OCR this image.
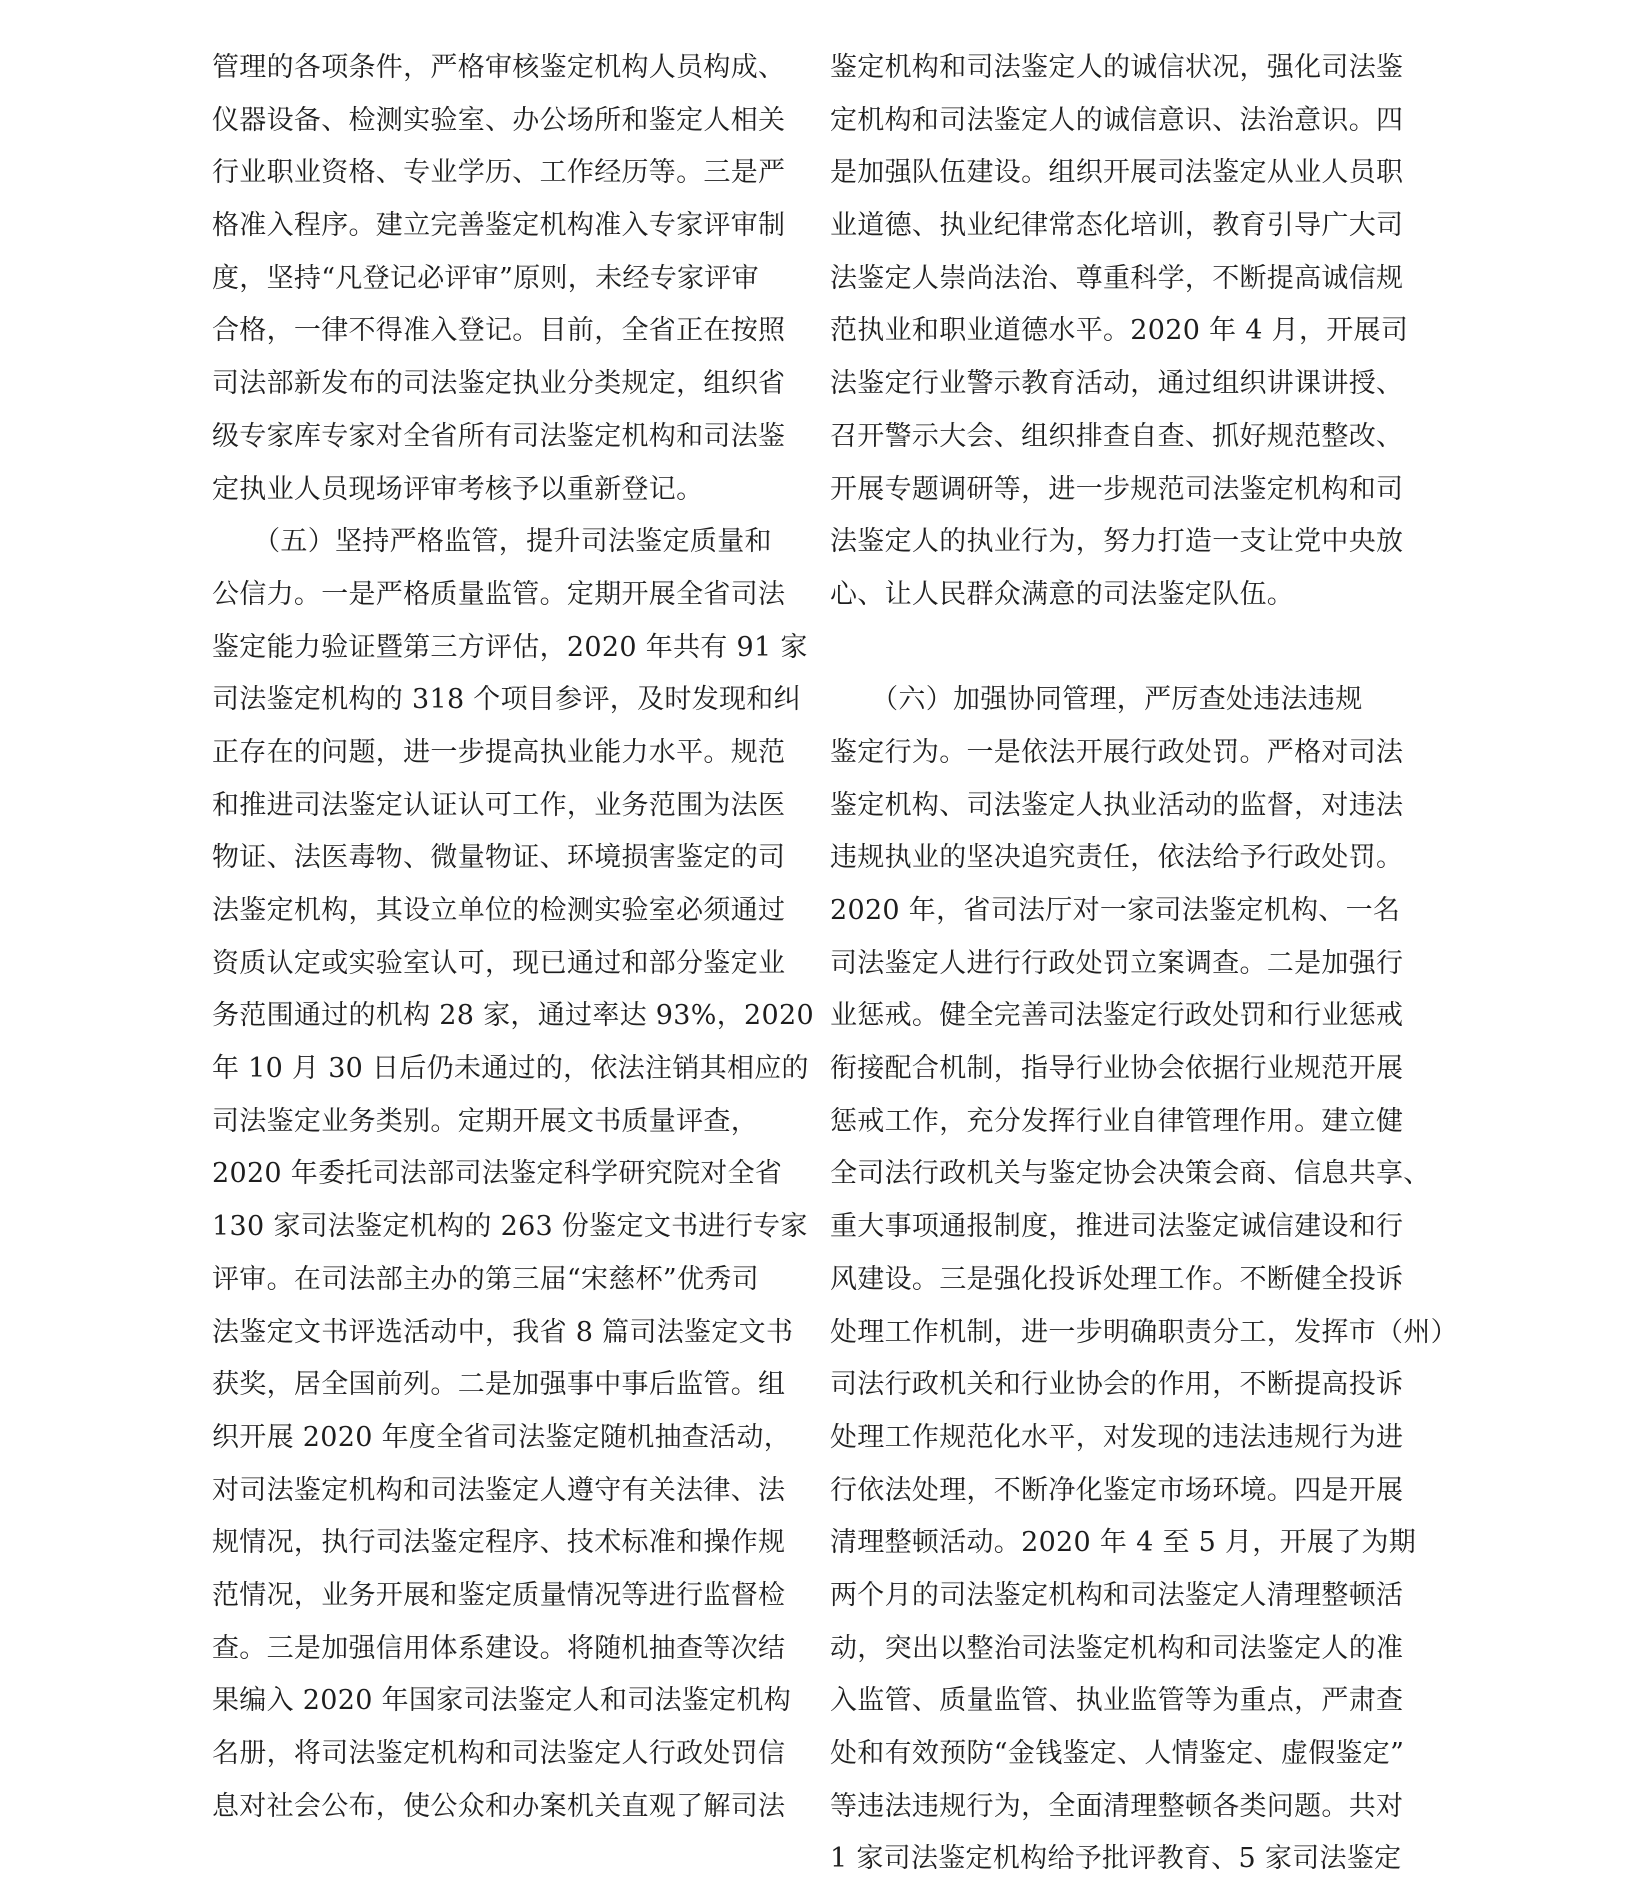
管理的各项条件，严格审核鉴定机构人员构成、
仪器设备、检测实验室、办公场所和鉴定人相关
行业职业资格、专业学历、工作经历等。三是严
格准入程序。建立完善鉴定机构准入专家评审制
度，坚持“凡登记必评审”原则，未经专家评审
合格，一律不得准入登记。目前，全省正在按照
司法部新发布的司法鉴定执业分类规定，组织省
级专家库专家对全省所有司法鉴定机构和司法鉴
定执业人员现场评审考核予以重新登记。
　　（五）坚持严格监管，提升司法鉴定质量和
公信力。一是严格质量监管。定期开展全省司法
鉴定能力验证暨第三方评估，2020 年共有 91 家
司法鉴定机构的 318 个项目参评，及时发现和纠
正存在的问题，进一步提高执业能力水平。规范
和推进司法鉴定认证认可工作，业务范围为法医
物证、法医毒物、微量物证、环境损害鉴定的司
法鉴定机构，其设立单位的检测实验室必须通过
资质认定或实验室认可，现已通过和部分鉴定业
务范围通过的机构 28 家，通过率达 93%，2020
年 10 月 30 日后仍未通过的，依法注销其相应的
司法鉴定业务类别。定期开展文书质量评查，
2020 年委托司法部司法鉴定科学研究院对全省
130 家司法鉴定机构的 263 份鉴定文书进行专家
评审。在司法部主办的第三届“宋慈杯”优秀司
法鉴定文书评选活动中，我省 8 篇司法鉴定文书
获奖，居全国前列。二是加强事中事后监管。组
织开展 2020 年度全省司法鉴定随机抽查活动，
对司法鉴定机构和司法鉴定人遵守有关法律、法
规情况，执行司法鉴定程序、技术标准和操作规
范情况，业务开展和鉴定质量情况等进行监督检
查。三是加强信用体系建设。将随机抽查等次结
果编入 2020 年国家司法鉴定人和司法鉴定机构
名册，将司法鉴定机构和司法鉴定人行政处罚信
息对社会公布，使公众和办案机关直观了解司法
鉴定机构和司法鉴定人的诚信状况，强化司法鉴
定机构和司法鉴定人的诚信意识、法治意识。四
是加强队伍建设。组织开展司法鉴定从业人员职
业道德、执业纪律常态化培训，教育引导广大司
法鉴定人崇尚法治、尊重科学，不断提高诚信规
范执业和职业道德水平。2020 年 4 月，开展司
法鉴定行业警示教育活动，通过组织讲课讲授、
召开警示大会、组织排查自查、抓好规范整改、
开展专题调研等，进一步规范司法鉴定机构和司
法鉴定人的执业行为，努力打造一支让党中央放
心、让人民群众满意的司法鉴定队伍。
　　（六）加强协同管理，严厉查处违法违规
鉴定行为。一是依法开展行政处罚。严格对司法
鉴定机构、司法鉴定人执业活动的监督，对违法
违规执业的坚决追究责任，依法给予行政处罚。
2020 年，省司法厅对一家司法鉴定机构、一名
司法鉴定人进行行政处罚立案调查。二是加强行
业惩戒。健全完善司法鉴定行政处罚和行业惩戒
衔接配合机制，指导行业协会依据行业规范开展
惩戒工作，充分发挥行业自律管理作用。建立健
全司法行政机关与鉴定协会决策会商、信息共享、
重大事项通报制度，推进司法鉴定诚信建设和行
风建设。三是强化投诉处理工作。不断健全投诉
处理工作机制，进一步明确职责分工，发挥市（州）
司法行政机关和行业协会的作用，不断提高投诉
处理工作规范化水平，对发现的违法违规行为进
行依法处理，不断净化鉴定市场环境。四是开展
清理整顿活动。2020 年 4 至 5 月，开展了为期
两个月的司法鉴定机构和司法鉴定人清理整顿活
动，突出以整治司法鉴定机构和司法鉴定人的准
入监管、质量监管、执业监管等为重点，严肃查
处和有效预防“金钱鉴定、人情鉴定、虚假鉴定”
等违法违规行为，全面清理整顿各类问题。共对
1 家司法鉴定机构给予批评教育、5 家司法鉴定
